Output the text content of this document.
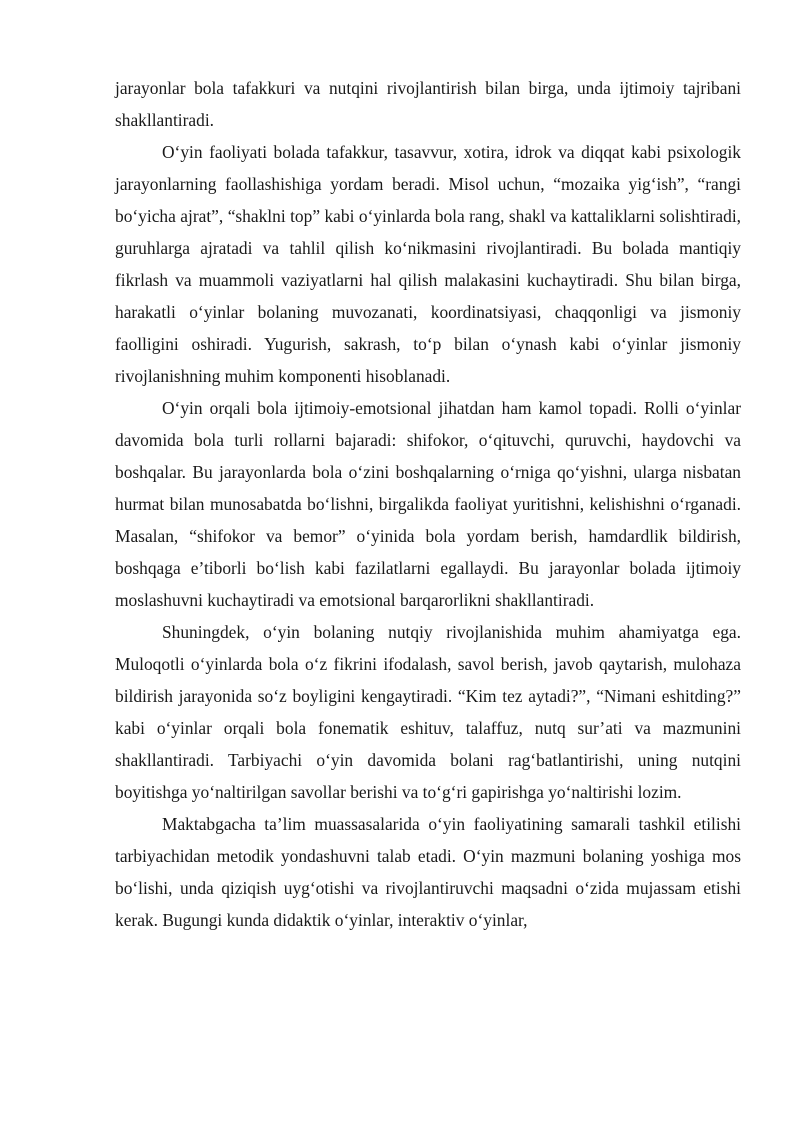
jarayonlar bola tafakkuri va nutqini rivojlantirish bilan birga, unda ijtimoiy tajribani shakllantiradi.

O‘yin faoliyati bolada tafakkur, tasavvur, xotira, idrok va diqqat kabi psixologik jarayonlarning faollashishiga yordam beradi. Misol uchun, “mozaika yig‘ish”, “rangi bo‘yicha ajrat”, “shaklni top” kabi o‘yinlarda bola rang, shakl va kattaliklarni solishtiradi, guruhlarga ajratadi va tahlil qilish ko‘nikmasini rivojlantiradi. Bu bolada mantiqiy fikrlash va muammoli vaziyatlarni hal qilish malakasini kuchaytiradi. Shu bilan birga, harakatli o‘yinlar bolaning muvozanati, koordinatsiyasi, chaqqonligi va jismoniy faolligini oshiradi. Yugurish, sakrash, to‘p bilan o‘ynash kabi o‘yinlar jismoniy rivojlanishning muhim komponenti hisoblanadi.

O‘yin orqali bola ijtimoiy-emotsional jihatdan ham kamol topadi. Rolli o‘yinlar davomida bola turli rollarni bajaradi: shifokor, o‘qituvchi, quruvchi, haydovchi va boshqalar. Bu jarayonlarda bola o‘zini boshqalarning o‘rniga qo‘yishni, ularga nisbatan hurmat bilan munosabatda bo‘lishni, birgalikda faoliyat yuritishni, kelishishni o‘rganadi. Masalan, “shifokor va bemor” o‘yinida bola yordam berish, hamdardlik bildirish, boshqaga e’tiborli bo‘lish kabi fazilatlarni egallaydi. Bu jarayonlar bolada ijtimoiy moslashuvni kuchaytiradi va emotsional barqarorlikni shakllantiradi.

Shuningdek, o‘yin bolaning nutqiy rivojlanishida muhim ahamiyatga ega. Muloqotli o‘yinlarda bola o‘z fikrini ifodalash, savol berish, javob qaytarish, mulohaza bildirish jarayonida so‘z boyligini kengaytiradi. “Kim tez aytadi?”, “Nimani eshitding?” kabi o‘yinlar orqali bola fonematik eshituv, talaffuz, nutq sur’ati va mazmunini shakllantiradi. Tarbiyachi o‘yin davomida bolani rag‘batlantirishi, uning nutqini boyitishga yo‘naltirilgan savollar berishi va to‘g‘ri gapirishga yo‘naltirishi lozim.

Maktabgacha ta’lim muassasalarida o‘yin faoliyatining samarali tashkil etilishi tarbiyachidan metodik yondashuvni talab etadi. O‘yin mazmuni bolaning yoshiga mos bo‘lishi, unda qiziqish uyg‘otishi va rivojlantiruvchi maqsadni o‘zida mujassam etishi kerak. Bugungi kunda didaktik o‘yinlar, interaktiv o‘yinlar,
